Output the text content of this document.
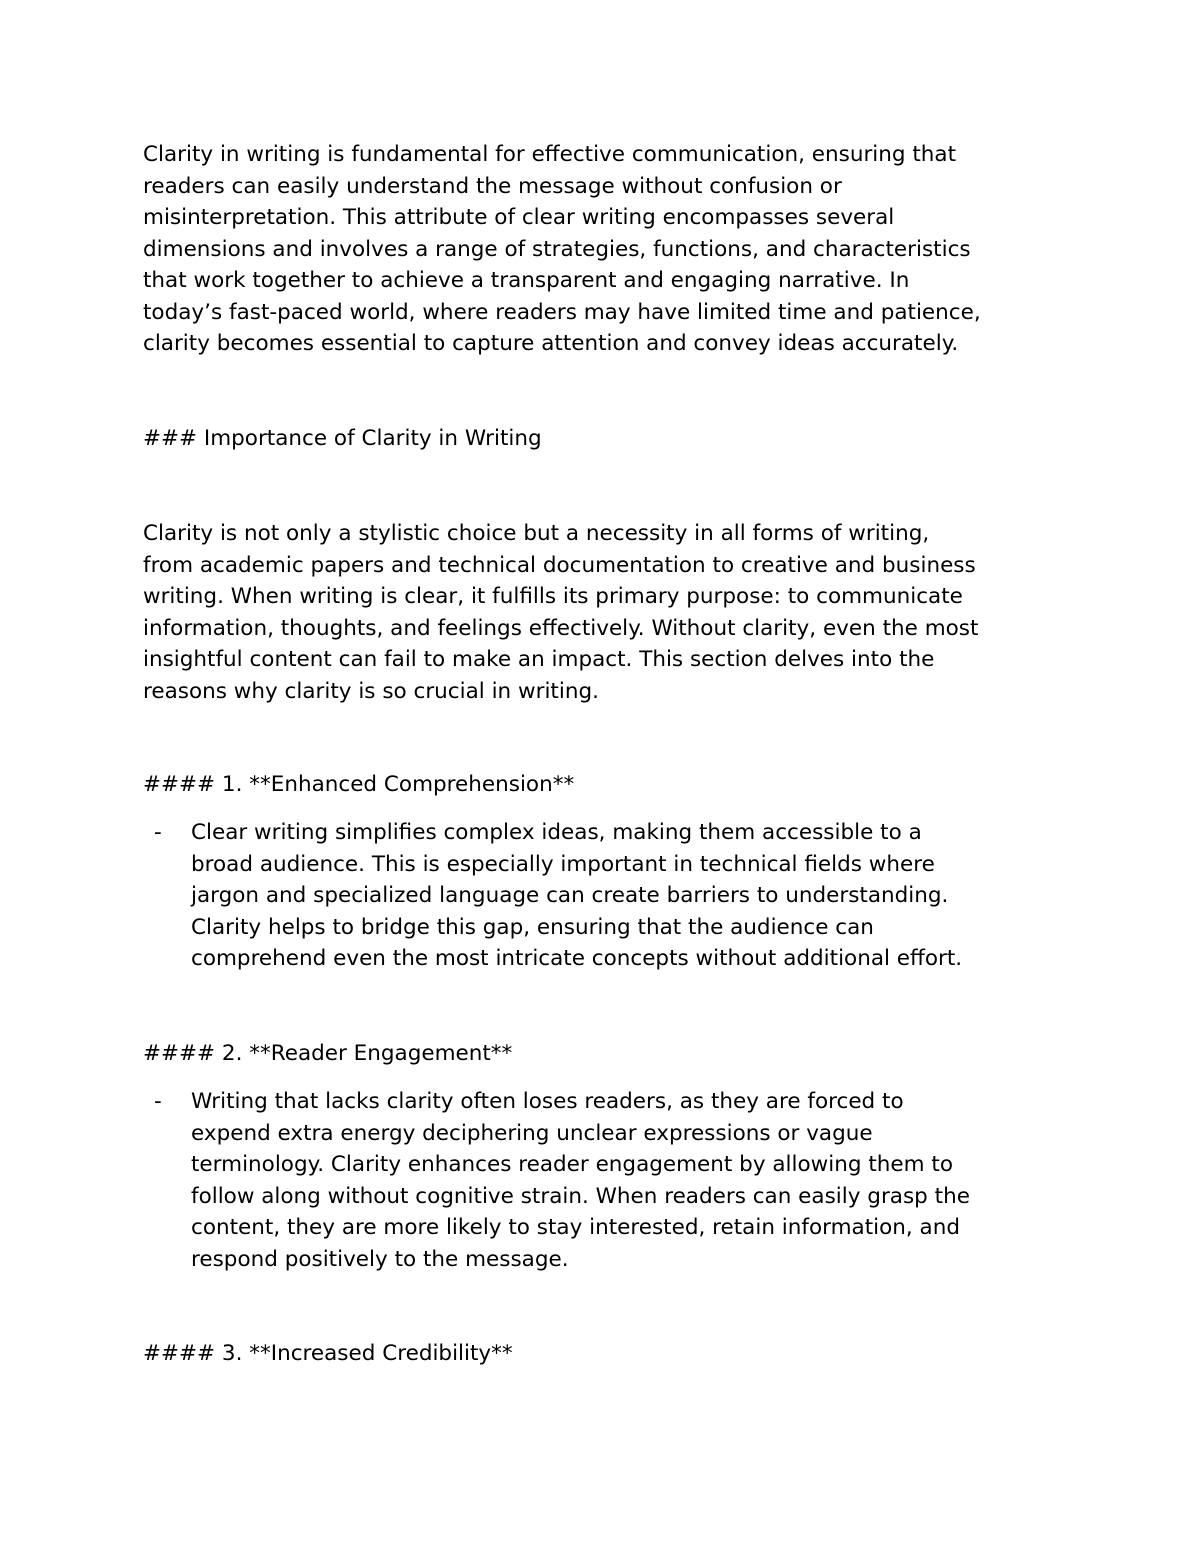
Clarity in writing is fundamental for effective communication, ensuring that
readers can easily understand the message without confusion or
misinterpretation. This attribute of clear writing encompasses several
dimensions and involves a range of strategies, functions, and characteristics
that work together to achieve a transparent and engaging narrative. In
today’s fast-paced world, where readers may have limited time and patience,
clarity becomes essential to capture attention and convey ideas accurately.

### Importance of Clarity in Writing

Clarity is not only a stylistic choice but a necessity in all forms of writing,
from academic papers and technical documentation to creative and business
writing. When writing is clear, it fulfills its primary purpose: to communicate
information, thoughts, and feelings effectively. Without clarity, even the most
insightful content can fail to make an impact. This section delves into the
reasons why clarity is so crucial in writing.

#### 1. **Enhanced Comprehension**

-	Clear writing simplifies complex ideas, making them accessible to a
broad audience. This is especially important in technical fields where
jargon and specialized language can create barriers to understanding.
Clarity helps to bridge this gap, ensuring that the audience can
comprehend even the most intricate concepts without additional effort.

#### 2. **Reader Engagement**

-	Writing that lacks clarity often loses readers, as they are forced to
expend extra energy deciphering unclear expressions or vague
terminology. Clarity enhances reader engagement by allowing them to
follow along without cognitive strain. When readers can easily grasp the
content, they are more likely to stay interested, retain information, and
respond positively to the message.

#### 3. **Increased Credibility**
